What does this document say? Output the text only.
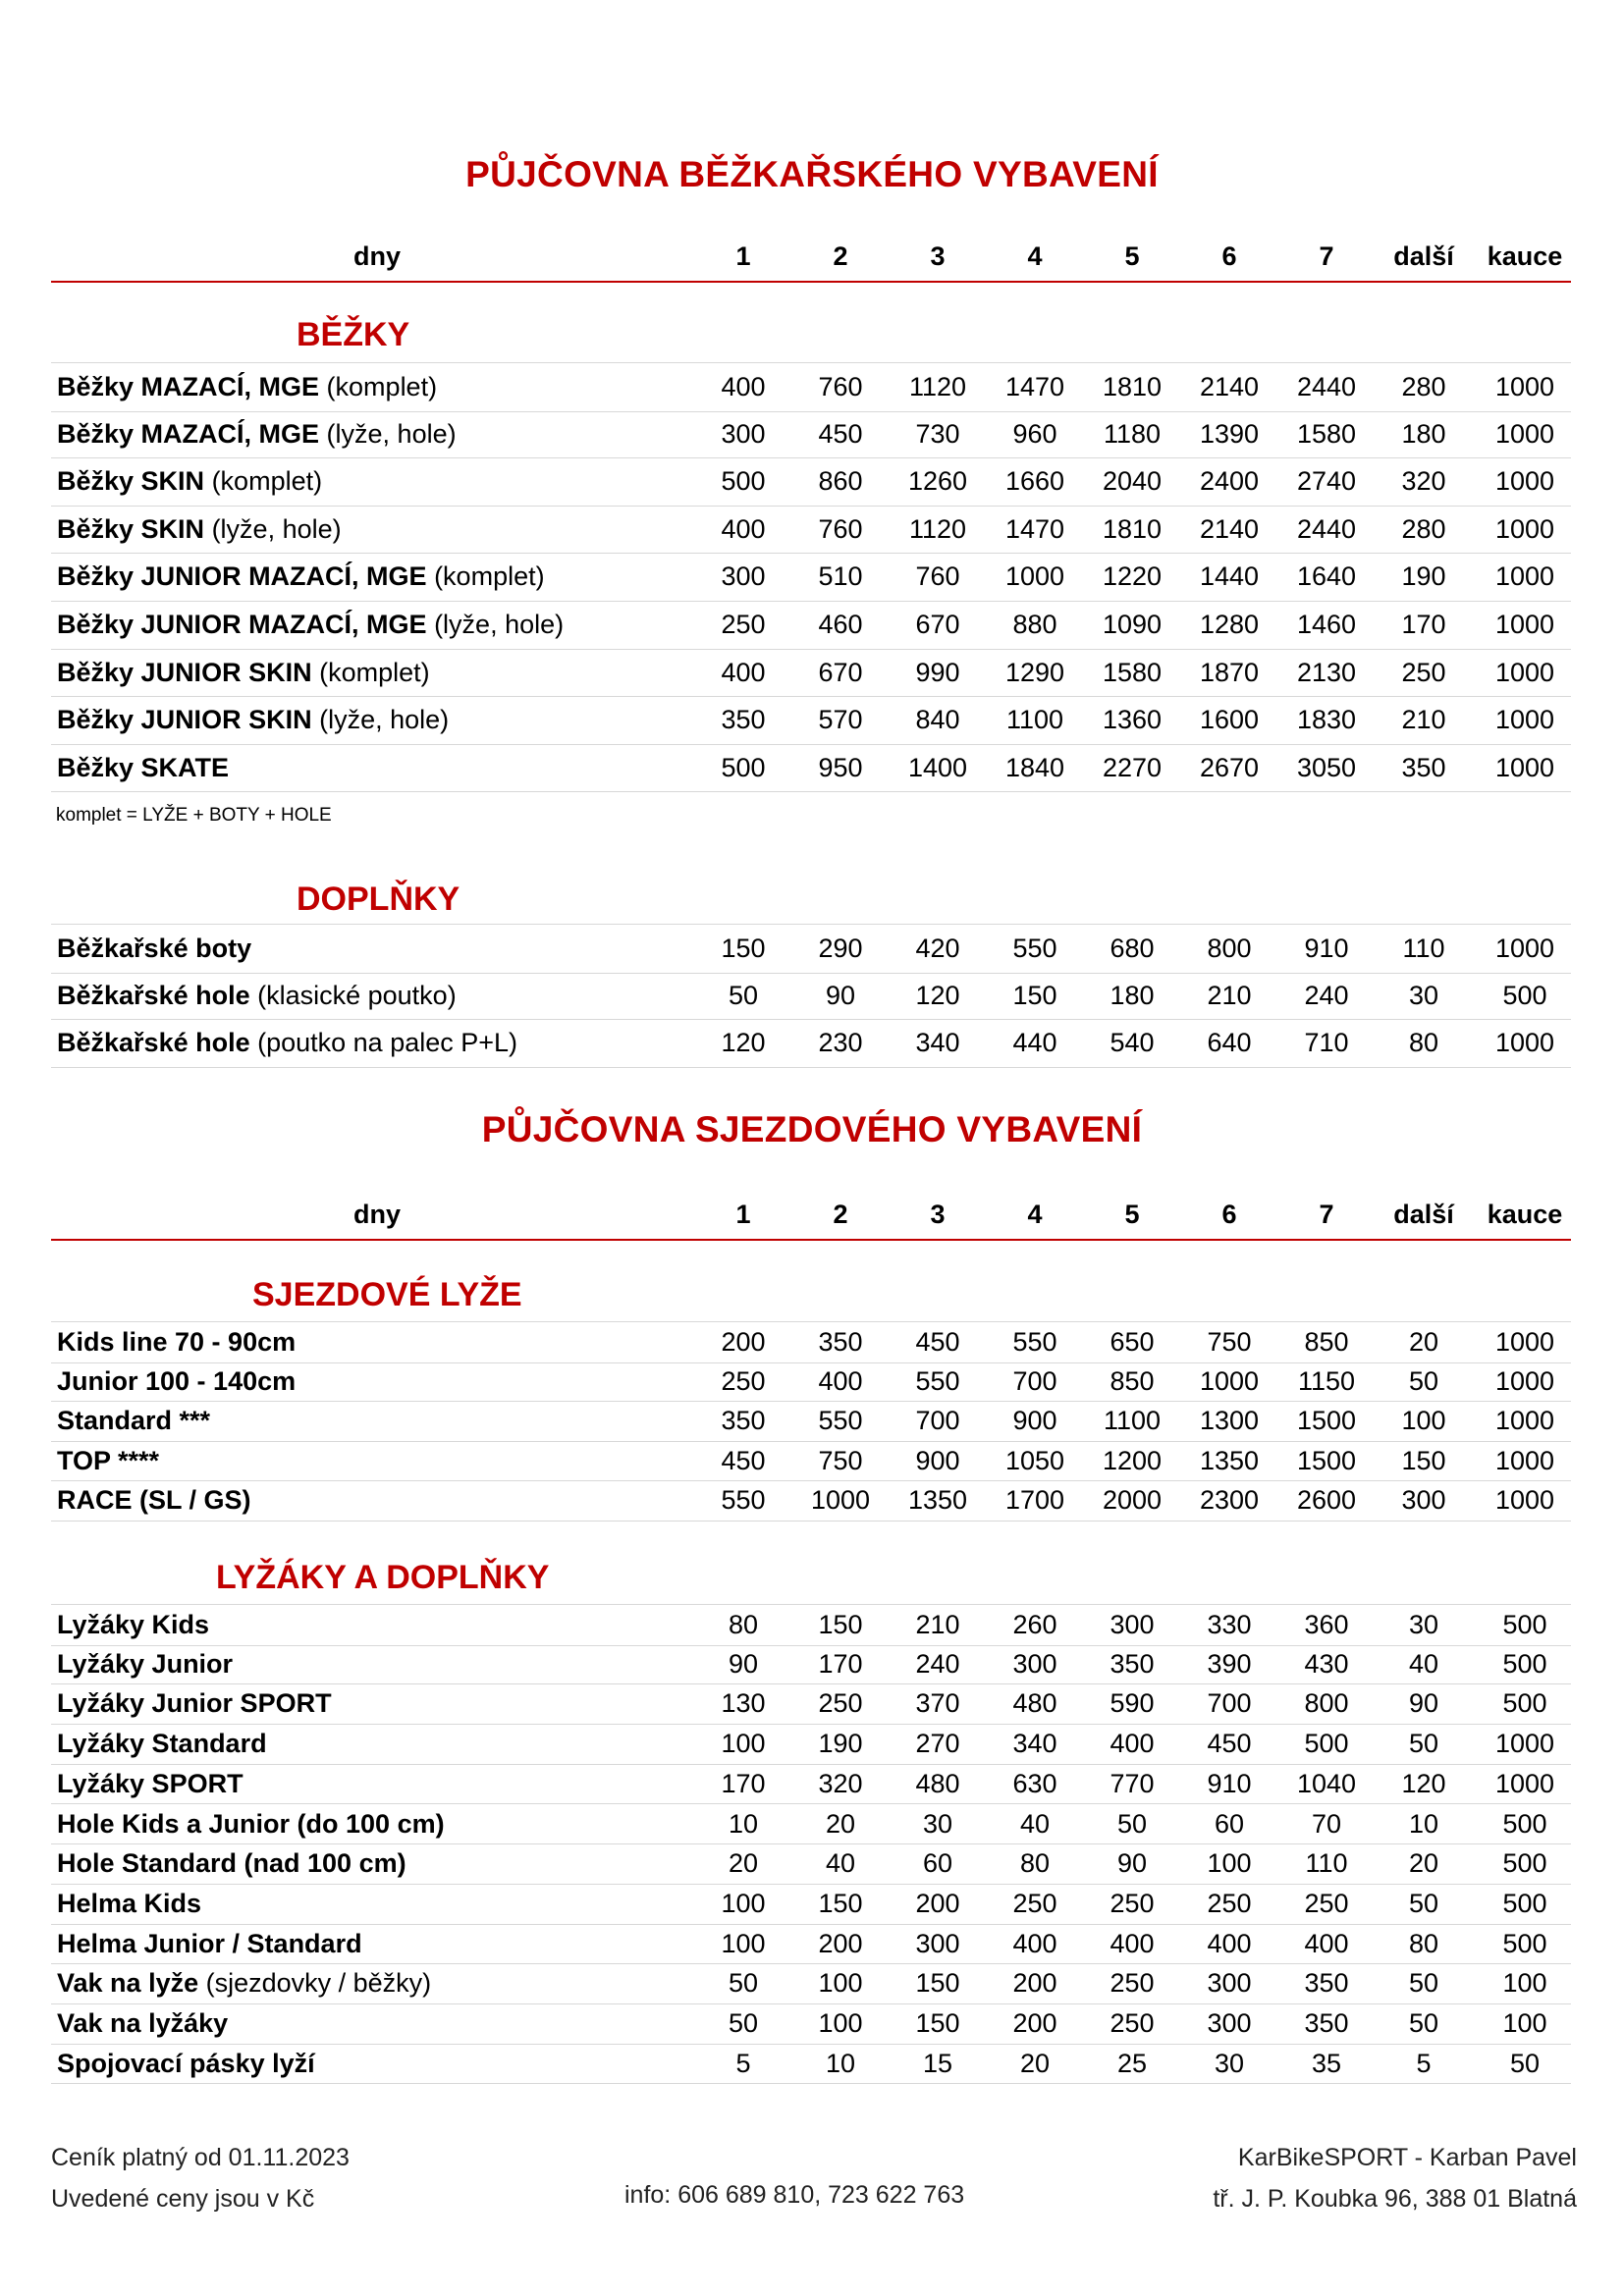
PŮJČOVNA BĚŽKAŘSKÉHO VYBAVENÍ
dny	1	2	3	4	5	6	7	další	kauce
BĚŽKY
Běžky MAZACÍ, MGE (komplet)	400	760	1120	1470	1810	2140	2440	280	1000
Běžky MAZACÍ, MGE (lyže, hole)	300	450	730	960	1180	1390	1580	180	1000
Běžky SKIN (komplet)	500	860	1260	1660	2040	2400	2740	320	1000
Běžky SKIN (lyže, hole)	400	760	1120	1470	1810	2140	2440	280	1000
Běžky JUNIOR MAZACÍ, MGE (komplet)	300	510	760	1000	1220	1440	1640	190	1000
Běžky JUNIOR MAZACÍ, MGE (lyže, hole)	250	460	670	880	1090	1280	1460	170	1000
Běžky JUNIOR SKIN (komplet)	400	670	990	1290	1580	1870	2130	250	1000
Běžky JUNIOR SKIN (lyže, hole)	350	570	840	1100	1360	1600	1830	210	1000
Běžky SKATE	500	950	1400	1840	2270	2670	3050	350	1000
komplet = LYŽE + BOTY + HOLE
DOPLŇKY
Běžkařské boty	150	290	420	550	680	800	910	110	1000
Běžkařské hole (klasické poutko)	50	90	120	150	180	210	240	30	500
Běžkařské hole (poutko na palec P+L)	120	230	340	440	540	640	710	80	1000
PŮJČOVNA SJEZDOVÉHO VYBAVENÍ
dny	1	2	3	4	5	6	7	další	kauce
SJEZDOVÉ LYŽE
Kids line 70 - 90cm	200	350	450	550	650	750	850	20	1000
Junior 100 - 140cm	250	400	550	700	850	1000	1150	50	1000
Standard ***	350	550	700	900	1100	1300	1500	100	1000
TOP ****	450	750	900	1050	1200	1350	1500	150	1000
RACE (SL / GS)	550	1000	1350	1700	2000	2300	2600	300	1000
LYŽÁKY A DOPLŇKY
Lyžáky Kids	80	150	210	260	300	330	360	30	500
Lyžáky Junior	90	170	240	300	350	390	430	40	500
Lyžáky Junior SPORT	130	250	370	480	590	700	800	90	500
Lyžáky Standard	100	190	270	340	400	450	500	50	1000
Lyžáky SPORT	170	320	480	630	770	910	1040	120	1000
Hole Kids a Junior (do 100 cm)	10	20	30	40	50	60	70	10	500
Hole Standard (nad 100 cm)	20	40	60	80	90	100	110	20	500
Helma Kids	100	150	200	250	250	250	250	50	500
Helma Junior / Standard	100	200	300	400	400	400	400	80	500
Vak na lyže (sjezdovky / běžky)	50	100	150	200	250	300	350	50	100
Vak na lyžáky	50	100	150	200	250	300	350	50	100
Spojovací pásky lyží	5	10	15	20	25	30	35	5	50
Ceník platný od 01.11.2023
Uvedené ceny jsou v Kč	info: 606 689 810, 723 622 763
KarBikeSPORT - Karban Pavel
tř. J. P. Koubka 96, 388 01 Blatná
